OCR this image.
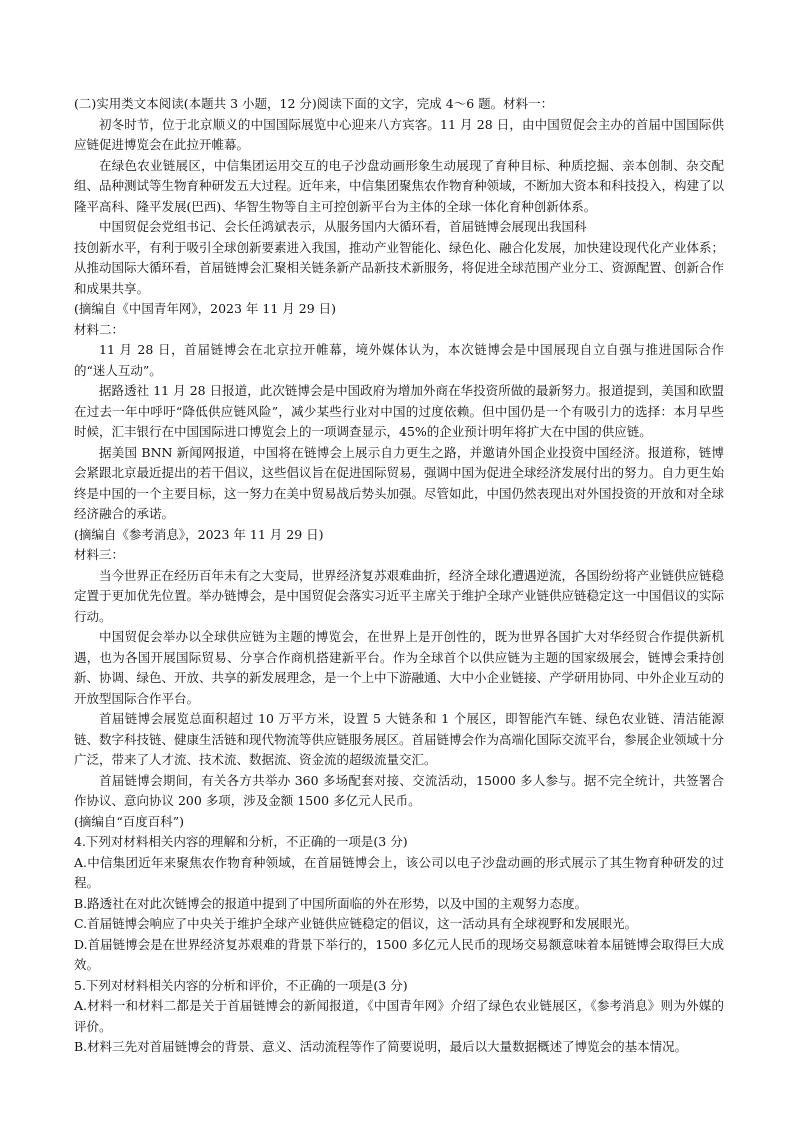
(二)实用类文本阅读(本题共 3 小题，12 分)阅读下面的文字，完成 4～6 题。材料一：

初冬时节，位于北京顺义的中国国际展览中心迎来八方宾客。11 月 28 日，由中国贸促会主办的首届中国国际供应链促进博览会在此拉开帷幕。

在绿色农业链展区，中信集团运用交互的电子沙盘动画形象生动展现了育种目标、种质挖掘、亲本创制、杂交配组、品种测试等生物育种研发五大过程。近年来，中信集团聚焦农作物育种领域，不断加大资本和科技投入，构建了以隆平高科、隆平发展(巴西)、华智生物等自主可控创新平台为主体的全球一体化育种创新体系。

中国贸促会党组书记、会长任鸿斌表示，从服务国内大循环看，首届链博会展现出我国科

技创新水平，有利于吸引全球创新要素进入我国，推动产业智能化、绿色化、融合化发展，加快建设现代化产业体系；从推动国际大循环看，首届链博会汇聚相关链条新产品新技术新服务，将促进全球范围产业分工、资源配置、创新合作和成果共享。

(摘编自《中国青年网》，2023 年 11 月 29 日)

材料二：

11 月 28 日，首届链博会在北京拉开帷幕，境外媒体认为，本次链博会是中国展现自立自强与推进国际合作的“迷人互动”。

据路透社 11 月 28 日报道，此次链博会是中国政府为增加外商在华投资所做的最新努力。报道提到，美国和欧盟在过去一年中呼吁“降低供应链风险”，减少某些行业对中国的过度依赖。但中国仍是一个有吸引力的选择：本月早些时候，汇丰银行在中国国际进口博览会上的一项调查显示，45%的企业预计明年将扩大在中国的供应链。

据美国 BNN 新闻网报道，中国将在链博会上展示自力更生之路，并邀请外国企业投资中国经济。报道称，链博会紧跟北京最近提出的若干倡议，这些倡议旨在促进国际贸易，强调中国为促进全球经济发展付出的努力。自力更生始终是中国的一个主要目标，这一努力在美中贸易战后势头加强。尽管如此，中国仍然表现出对外国投资的开放和对全球经济融合的承诺。

(摘编自《参考消息》，2023 年 11 月 29 日)

材料三：

当今世界正在经历百年未有之大变局，世界经济复苏艰难曲折，经济全球化遭遇逆流，各国纷纷将产业链供应链稳定置于更加优先位置。举办链博会，是中国贸促会落实习近平主席关于维护全球产业链供应链稳定这一中国倡议的实际行动。

中国贸促会举办以全球供应链为主题的博览会，在世界上是开创性的，既为世界各国扩大对华经贸合作提供新机遇，也为各国开展国际贸易、分享合作商机搭建新平台。作为全球首个以供应链为主题的国家级展会，链博会秉持创新、协调、绿色、开放、共享的新发展理念，是一个上中下游融通、大中小企业链接、产学研用协同、中外企业互动的开放型国际合作平台。

首届链博会展览总面积超过 10 万平方米，设置 5 大链条和 1 个展区，即智能汽车链、绿色农业链、清洁能源链、数字科技链、健康生活链和现代物流等供应链服务展区。首届链博会作为高端化国际交流平台，参展企业领域十分广泛，带来了人才流、技术流、数据流、资金流的超级流量交汇。

首届链博会期间，有关各方共举办 360 多场配套对接、交流活动，15000 多人参与。据不完全统计，共签署合作协议、意向协议 200 多项，涉及金额 1500 多亿元人民币。

(摘编自“百度百科”)

4.下列对材料相关内容的理解和分析，不正确的一项是(3 分)

A.中信集团近年来聚焦农作物育种领域，在首届链博会上，该公司以电子沙盘动画的形式展示了其生物育种研发的过程。

B.路透社在对此次链博会的报道中提到了中国所面临的外在形势，以及中国的主观努力态度。

C.首届链博会响应了中央关于维护全球产业链供应链稳定的倡议，这一活动具有全球视野和发展眼光。

D.首届链博会是在世界经济复苏艰难的背景下举行的，1500 多亿元人民币的现场交易额意味着本届链博会取得巨大成效。

5.下列对材料相关内容的分析和评价，不正确的一项是(3 分)

A.材料一和材料二都是关于首届链博会的新闻报道，《中国青年网》介绍了绿色农业链展区，《参考消息》则为外媒的评价。

B.材料三先对首届链博会的背景、意义、活动流程等作了简要说明，最后以大量数据概述了博览会的基本情况。
